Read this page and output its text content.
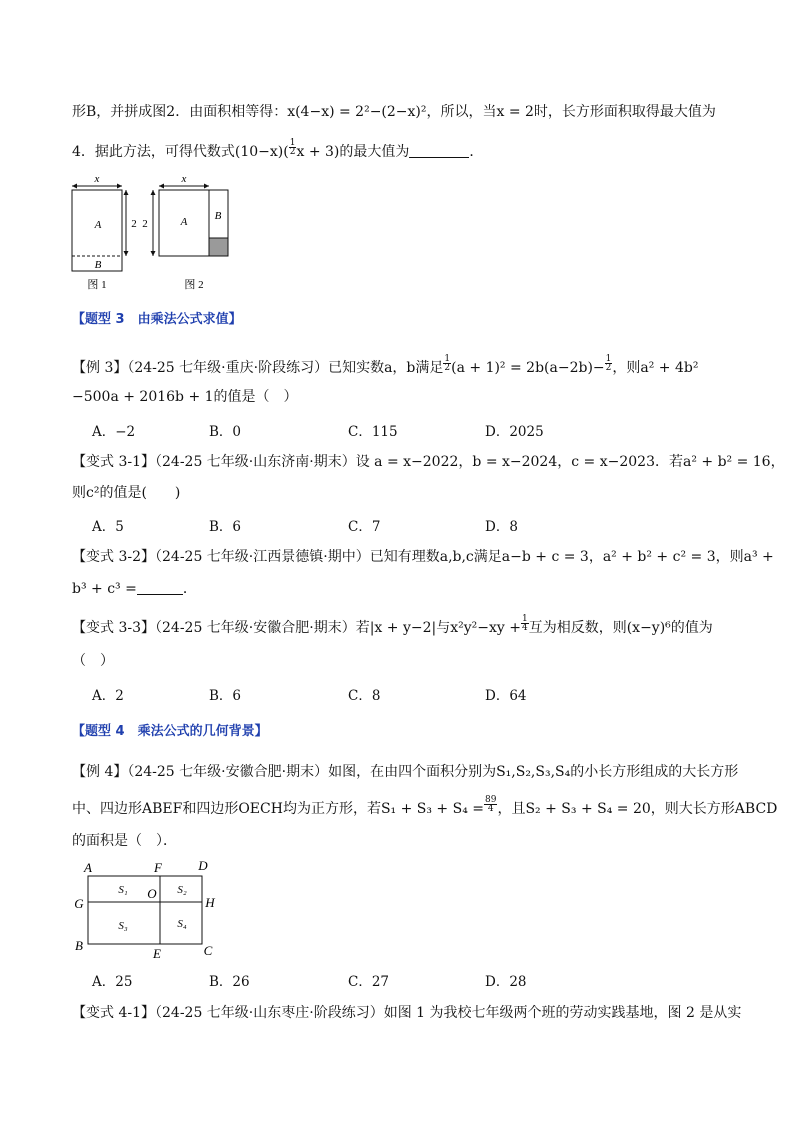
形B，并拼成图2．由面积相等得：x(4−x) = 2²−(2−x)²，所以，当x = 2时，长方形面积取得最大值为
4．据此方法，可得代数式$(10-x)( \frac{1}{2}$ x + 3)的最大值为	．
x
A
B
2
图 1
x
2	A B
图 2
【题型 3　由乘法公式求值】
【例 3】（24-25 七年级·重庆·阶段练习）已知实数a，b满足 $\frac{1}{2} (a + 1)^2 = 2b(a-2b)- \frac{1}{2}$ ，则a² + 4b²
−500a + 2016b + 1的值是（　）
A．−2	B．0	C．115	D．2025
【变式 3-1】（24-25 七年级·山东济南·期末）设 a = x−2022，b = x−2024，c = x−2023．若a² + b² = 16，
则c²的值是(　　)
A．5	B．6	C．7	D．8
【变式 3-2】（24-25 七年级·江西景德镇·期中）已知有理数a,b,c满足a−b + c = 3，a² + b² + c² = 3，则a³ +
b³ + c³ =	．
【变式 3-3】（24-25 七年级·安徽合肥·期末）若|x + y−2|与$x^2y^2-xy + \frac{1}{4}$ 互为相反数，则(x−y)⁶的值为
（　）
A．2	B．6	C．8	D．64
【题型 4　乘法公式的几何背景】
【例 4】（24-25 七年级·安徽合肥·期末）如图，在由四个面积分别为S₁,S₂,S₃,S₄的小长方形组成的大长方形
中、四边形ABEF和四边形OECH均为正方形，若$S_1 + S_3 + S_4 = \frac{89}{4}$ ，且S₂ + S₃ + S₄ = 20，则大长方形ABCD
的面积是（　）．
A	F	D
G
O
H
B
E	C
S₁	S₂
S₃	S₄
A．25	B．26	C．27	D．28
【变式 4-1】（24-25 七年级·山东枣庄·阶段练习）如图 1 为我校七年级两个班的劳动实践基地，图 2 是从实
